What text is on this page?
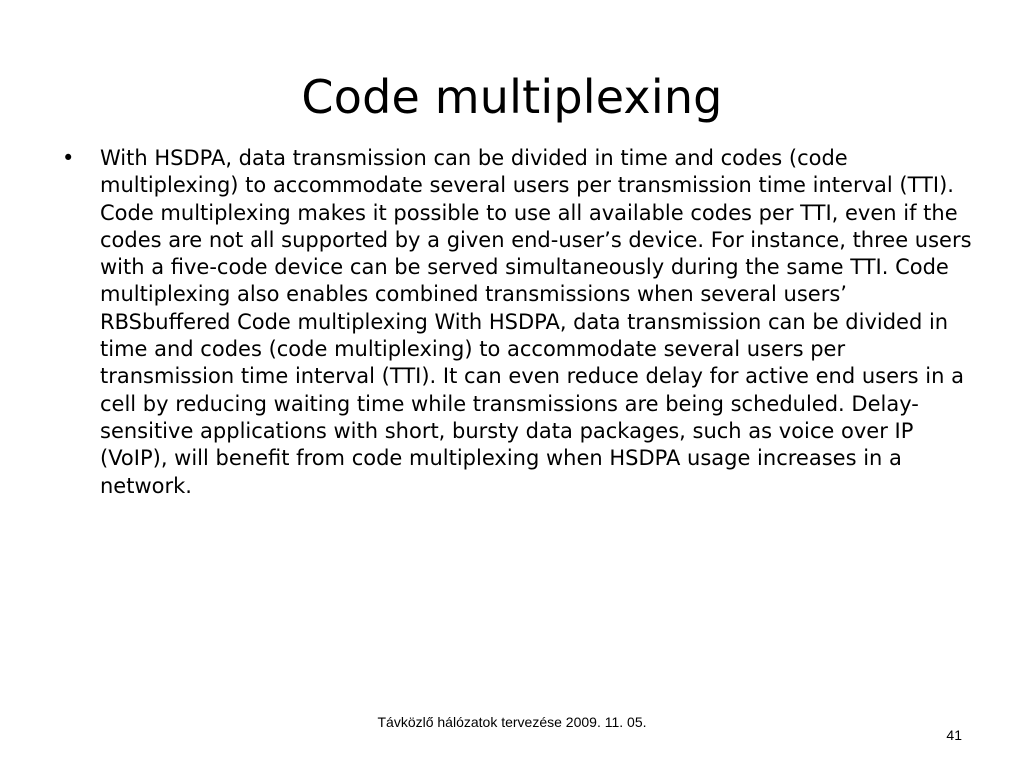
Code multiplexing
•	With HSDPA, data transmission can be divided in time and codes (code multiplexing) to accommodate several users per transmission time interval (TTI). Code multiplexing makes it possible to use all available codes per TTI, even if the codes are not all supported by a given end-user’s device. For instance, three users with a five-code device can be served simultaneously during the same TTI. Code multiplexing also enables combined transmissions when several users’ RBSbuffered Code multiplexing With HSDPA, data transmission can be divided in time and codes (code multiplexing) to accommodate several users per transmission time interval (TTI). It can even reduce delay for active end users in a cell by reducing waiting time while transmissions are being scheduled. Delay-sensitive applications with short, bursty data packages, such as voice over IP (VoIP), will benefit from code multiplexing when HSDPA usage increases in a network.
Távközlő hálózatok tervezése 2009. 11. 05.
41
